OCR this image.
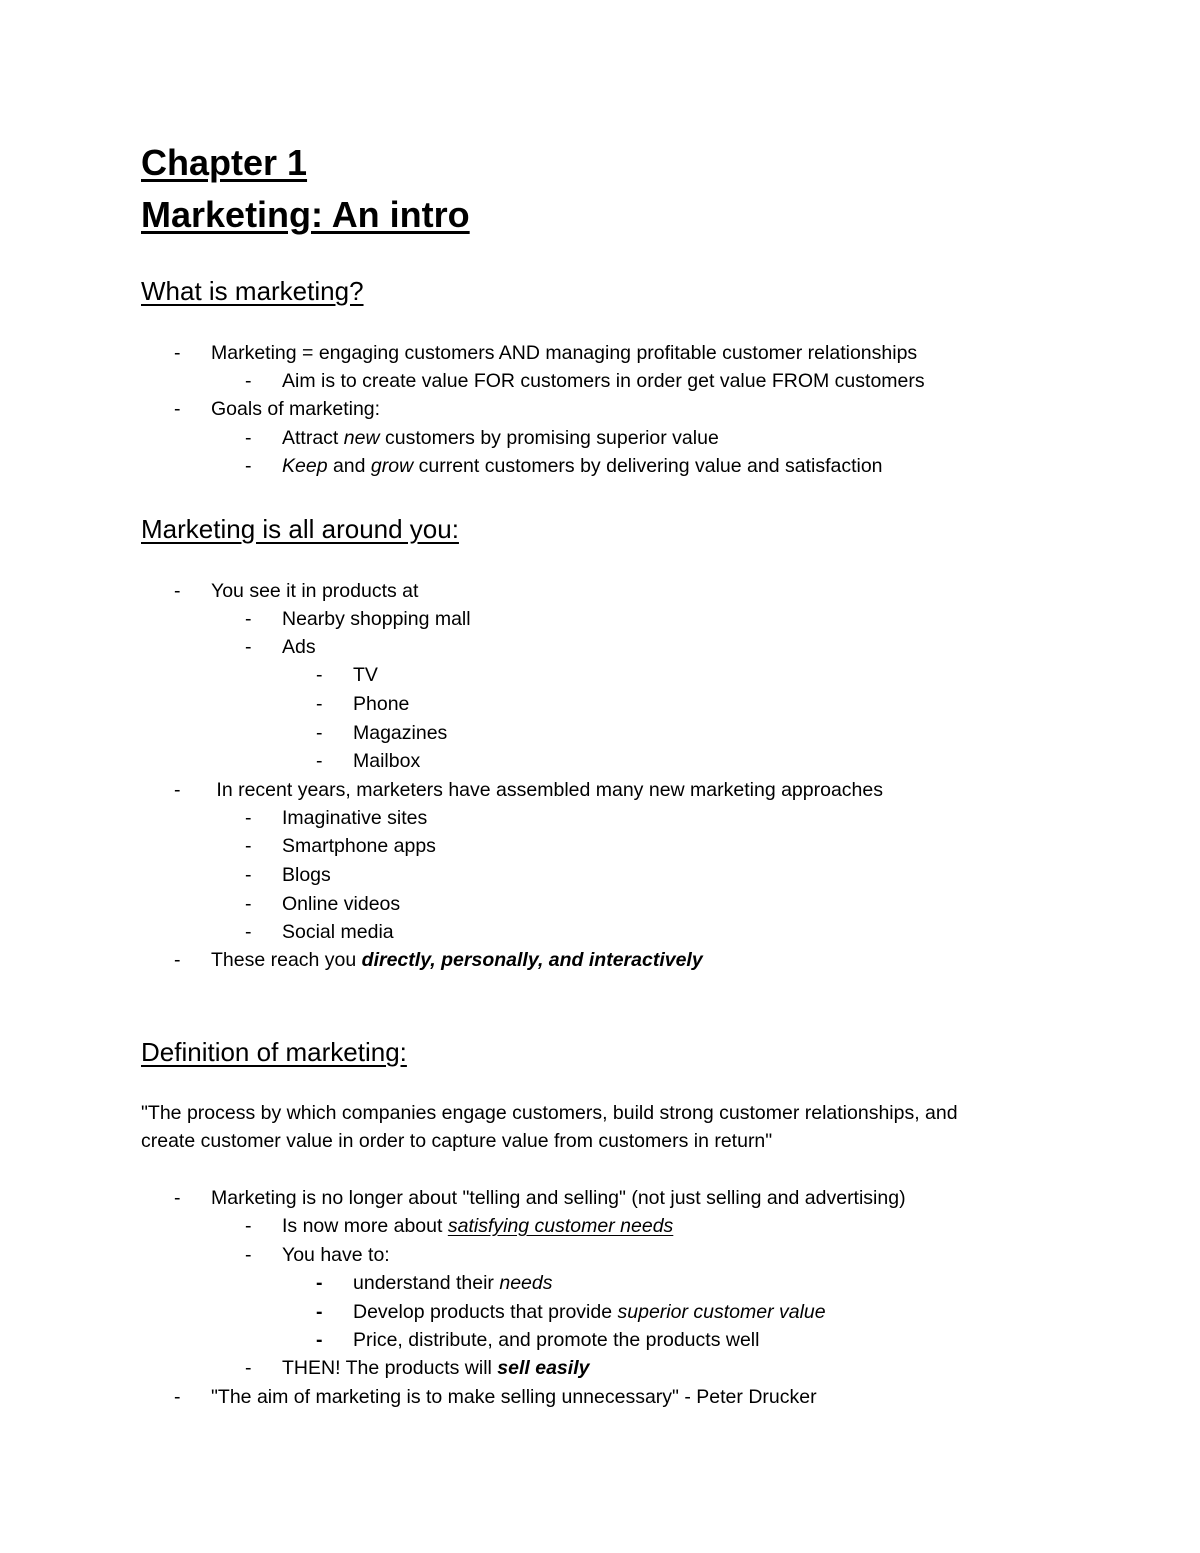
Chapter 1
Marketing: An intro
What is marketing?
- Marketing = engaging customers AND managing profitable customer relationships
- Aim is to create value FOR customers in order get value FROM customers
- Goals of marketing:
- Attract new customers by promising superior value
- Keep and grow current customers by delivering value and satisfaction
Marketing is all around you:
- You see it in products at
- Nearby shopping mall
- Ads
- TV
- Phone
- Magazines
- Mailbox
- In recent years, marketers have assembled many new marketing approaches
- Imaginative sites
- Smartphone apps
- Blogs
- Online videos
- Social media
- These reach you directly, personally, and interactively
Definition of marketing:
"The process by which companies engage customers, build strong customer relationships, and
create customer value in order to capture value from customers in return"
- Marketing is no longer about "telling and selling" (not just selling and advertising)
- Is now more about satisfying customer needs
- You have to:
- understand their needs
- Develop products that provide superior customer value
- Price, distribute, and promote the products well
- THEN! The products will sell easily
- "The aim of marketing is to make selling unnecessary" - Peter Drucker
